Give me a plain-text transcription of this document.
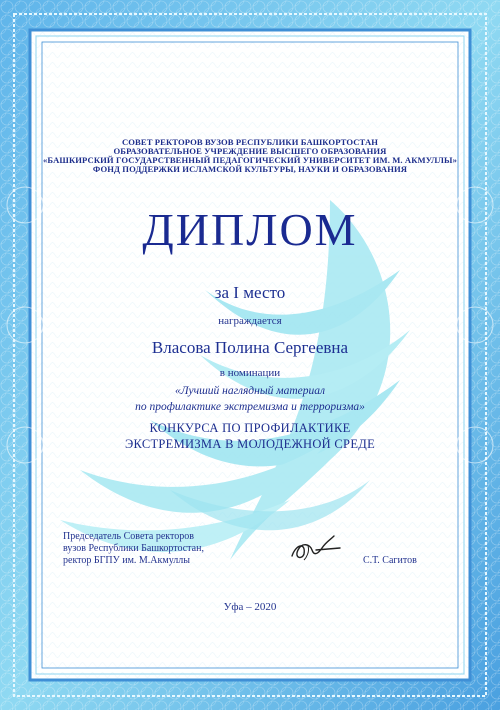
СОВЕТ РЕКТОРОВ ВУЗОВ РЕСПУБЛИКИ БАШКОРТОСТАН
ОБРАЗОВАТЕЛЬНОЕ УЧРЕЖДЕНИЕ ВЫСШЕГО ОБРАЗОВАНИЯ
«БАШКИРСКИЙ ГОСУДАРСТВЕННЫЙ ПЕДАГОГИЧЕСКИЙ УНИВЕРСИТЕТ ИМ. М. АКМУЛЛЫ»
ФОНД ПОДДЕРЖКИ ИСЛАМСКОЙ КУЛЬТУРЫ, НАУКИ И ОБРАЗОВАНИЯ
ДИПЛОМ
за I место
награждается
Власова Полина Сергеевна
в номинации
«Лучший наглядный материал
по профилактике экстремизма и терроризма»
КОНКУРСА ПО ПРОФИЛАКТИКЕ
ЭКСТРЕМИЗМА В МОЛОДЕЖНОЙ СРЕДЕ
Председатель Совета ректоров
вузов Республики Башкортостан,
ректор БГПУ им. М.Акмуллы	С.Т. Сагитов
Уфа – 2020
